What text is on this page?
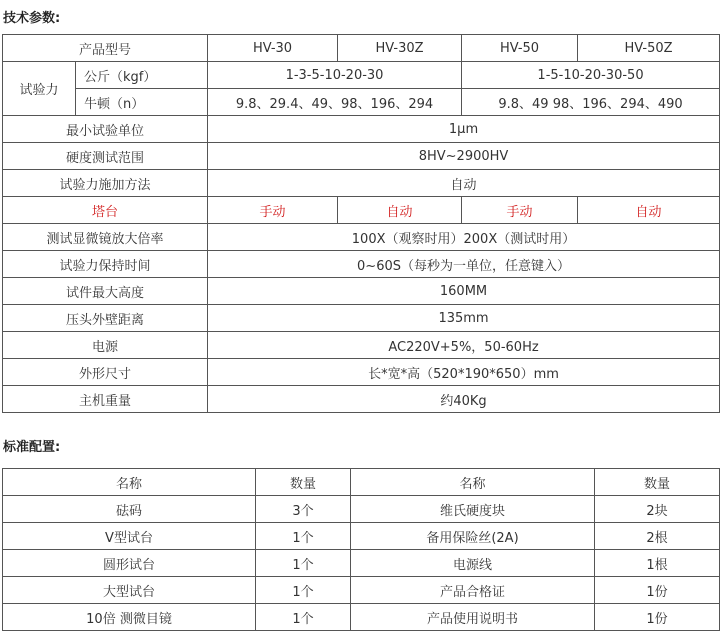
技术参数:
产品型号		HV-30	HV-30Z	HV-50	HV-50Z
试验力	公斤（kgf）	1-3-5-10-20-30		1-5-10-20-30-50	
	牛顿（n）	9.8、29.4、49、98、196、294		9.8、49 98、196、294、490	
最小试验单位		1μm			
硬度测试范围		8HV~2900HV			
试验力施加方法		自动			
塔台		手动	自动	手动	自动
测试显微镜放大倍率		100X（观察时用）200X（测试时用）			
试验力保持时间		0~60S（每秒为一单位，任意键入）			
试件最大高度		160MM			
压头外壁距离		135mm			
电源		AC220V+5%，50-60Hz			
外形尺寸		长*宽*高（520*190*650）mm			
主机重量		约40Kg			
标准配置:
名称	数量	名称	数量
砝码	3个	维氏硬度块	2块
V型试台	1个	备用保险丝(2A)	2根
圆形试台	1个	电源线	1根
大型试台	1个	产品合格证	1份
10倍 测微目镜	1个	产品使用说明书	1份
